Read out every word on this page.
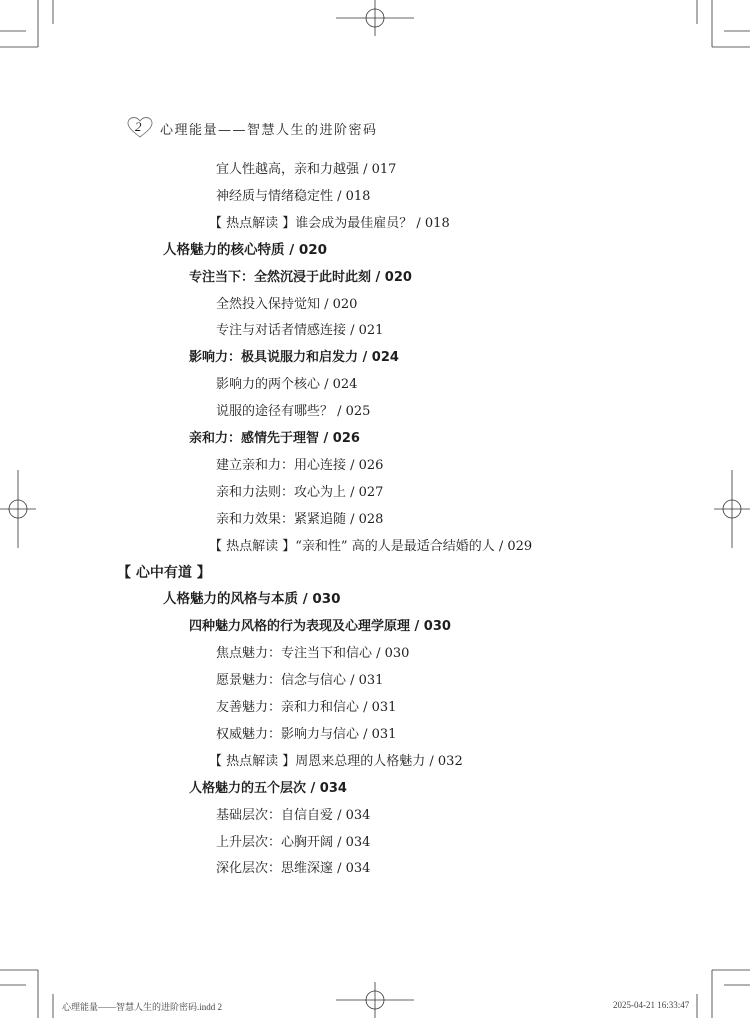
2 心理能量——智慧人生的进阶密码
宜人性越高，亲和力越强 / 017
神经质与情绪稳定性 / 018
【 热点解读 】谁会成为最佳雇员？ / 018
人格魅力的核心特质 / 020
专注当下：全然沉浸于此时此刻 / 020
全然投入保持觉知 / 020
专注与对话者情感连接 / 021
影响力：极具说服力和启发力 / 024
影响力的两个核心 / 024
说服的途径有哪些？ / 025
亲和力：感情先于理智 / 026
建立亲和力：用心连接 / 026
亲和力法则：攻心为上 / 027
亲和力效果：紧紧追随 / 028
【 热点解读 】“亲和性” 高的人是最适合结婚的人 / 029
【 心中有道 】
人格魅力的风格与本质 / 030
四种魅力风格的行为表现及心理学原理 / 030
焦点魅力：专注当下和信心 / 030
愿景魅力：信念与信心 / 031
友善魅力：亲和力和信心 / 031
权威魅力：影响力与信心 / 031
【 热点解读 】周恩来总理的人格魅力 / 032
人格魅力的五个层次 / 034
基础层次：自信自爱 / 034
上升层次：心胸开阔 / 034
深化层次：思维深邃 / 034
心理能量——智慧人生的进阶密码.indd 2	2025-04-21 16:33:47
